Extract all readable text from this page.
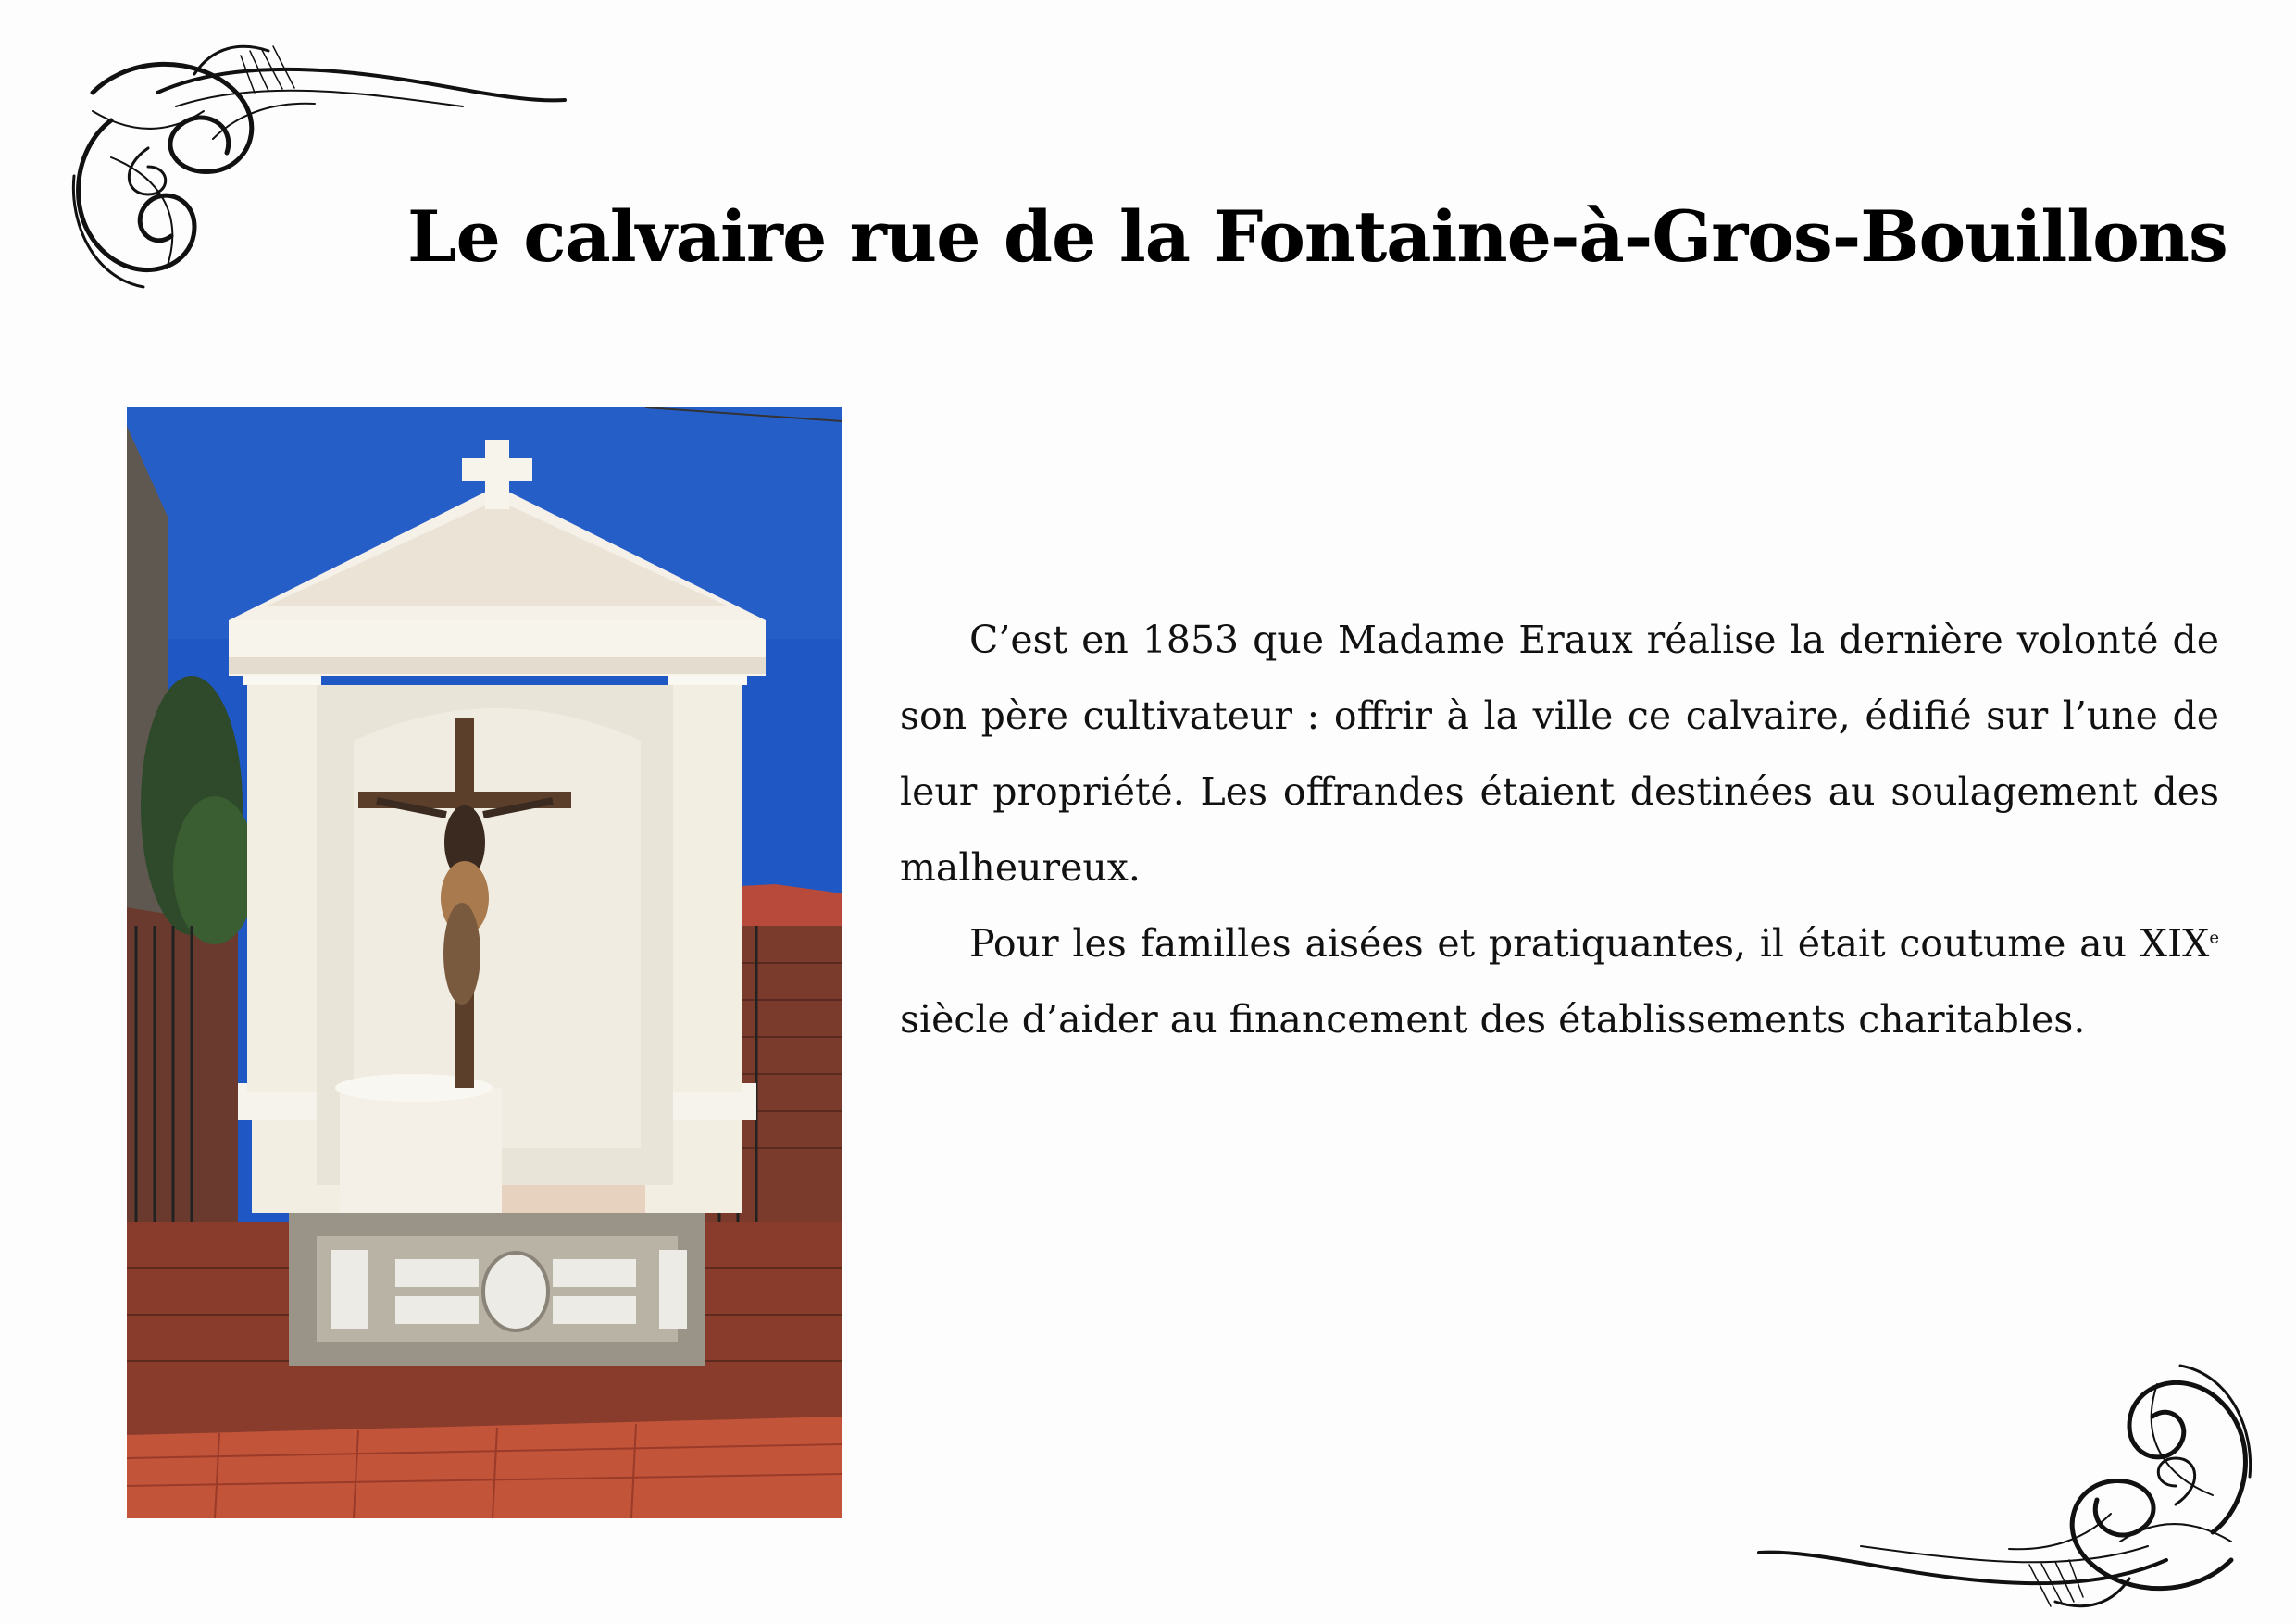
Le calvaire rue de la Fontaine-à-Gros-Bouillons

C’est en 1853 que Madame Eraux réalise la dernière volonté de son père cultivateur : offrir à la ville ce calvaire, édifié sur l’une de leur propriété. Les offrandes étaient destinées au soulagement des malheureux.

Pour les familles aisées et pratiquantes, il était coutume au XIXe siècle d’aider au financement des établissements charitables.
